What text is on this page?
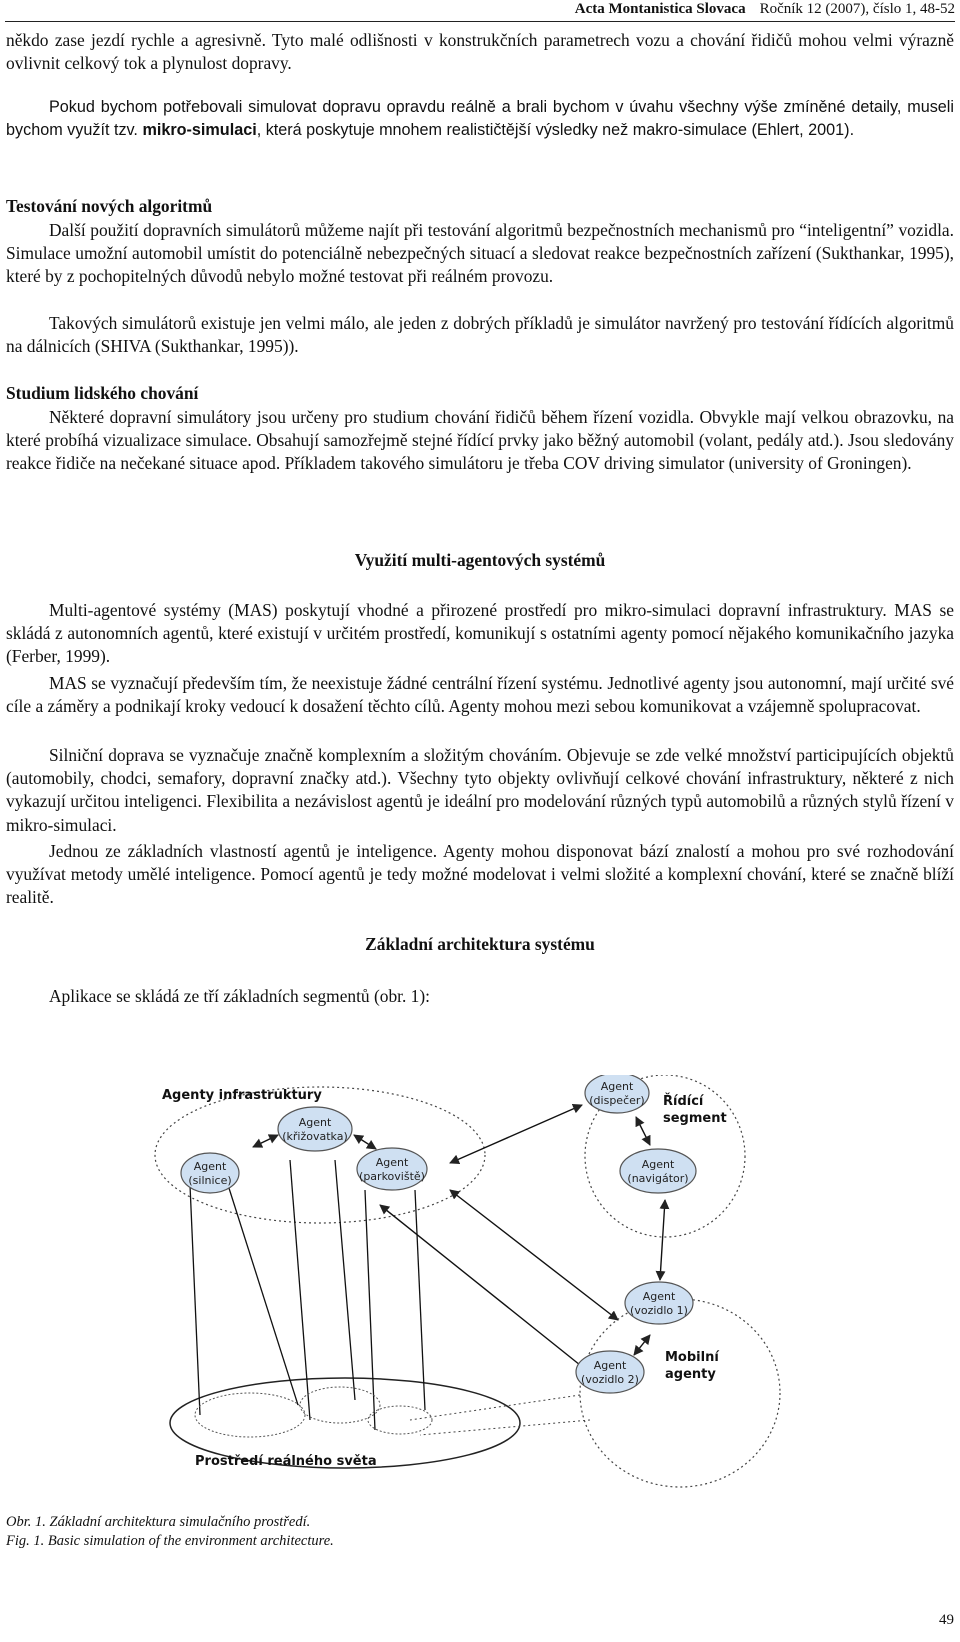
Acta Montanistica Slovaca Ročník 12 (2007), číslo 1, 48-52

někdo zase jezdí rychle a agresivně. Tyto malé odlišnosti v konstrukčních parametrech vozu a chování řidičů mohou velmi výrazně ovlivnit celkový tok a plynulost dopravy.

Pokud bychom potřebovali simulovat dopravu opravdu reálně a brali bychom v úvahu všechny výše zmíněné detaily, museli bychom využít tzv. mikro-simulaci, která poskytuje mnohem realističtější výsledky než makro-simulace (Ehlert, 2001).

Testování nových algoritmů

Další použití dopravních simulátorů můžeme najít při testování algoritmů bezpečnostních mechanismů pro “inteligentní” vozidla. Simulace umožní automobil umístit do potenciálně nebezpečných situací a sledovat reakce bezpečnostních zařízení (Sukthankar, 1995), které by z pochopitelných důvodů nebylo možné testovat při reálném provozu.

Takových simulátorů existuje jen velmi málo, ale jeden z dobrých příkladů je simulátor navržený pro testování řídících algoritmů na dálnicích (SHIVA (Sukthankar, 1995)).

Studium lidského chování

Některé dopravní simulátory jsou určeny pro studium chování řidičů během řízení vozidla. Obvykle mají velkou obrazovku, na které probíhá vizualizace simulace. Obsahují samozřejmě stejné řídící prvky jako běžný automobil (volant, pedály atd.). Jsou sledovány reakce řidiče na nečekané situace apod. Příkladem takového simulátoru je třeba COV driving simulator (university of Groningen).

Využití multi-agentových systémů

Multi-agentové systémy (MAS) poskytují vhodné a přirozené prostředí pro mikro-simulaci dopravní infrastruktury. MAS se skládá z autonomních agentů, které existují v určitém prostředí, komunikují s ostatními agenty pomocí nějakého komunikačního jazyka (Ferber, 1999).

MAS se vyznačují především tím, že neexistuje žádné centrální řízení systému. Jednotlivé agenty jsou autonomní, mají určité své cíle a záměry a podnikají kroky vedoucí k dosažení těchto cílů. Agenty mohou mezi sebou komunikovat a vzájemně spolupracovat.

Silniční doprava se vyznačuje značně komplexním a složitým chováním. Objevuje se zde velké množství participujících objektů (automobily, chodci, semafory, dopravní značky atd.). Všechny tyto objekty ovlivňují celkové chování infrastruktury, některé z nich vykazují určitou inteligenci. Flexibilita a nezávislost agentů je ideální pro modelování různých typů automobilů a různých stylů řízení v mikro-simulaci.

Jednou ze základních vlastností agentů je inteligence. Agenty mohou disponovat bází znalostí a mohou pro své rozhodování využívat metody umělé inteligence. Pomocí agentů je tedy možné modelovat i velmi složité a komplexní chování, které se značně blíží realitě.

Základní architektura systému

Aplikace se skládá ze tří základních segmentů (obr. 1):

Agent
(silnice)
Agent
(křižovatka)
Agent
(parkoviště)
Agent
(dispečer)
Agent
(navigátor)
Agent
(vozidlo 1)
Agent
(vozidlo 2)
Agenty infrastruktury
Prostředí reálného světa
Řídící
segment
Mobilní
agenty

Obr. 1. Základní architektura simulačního prostředí.

Fig. 1. Basic simulation of the environment architecture.

49
